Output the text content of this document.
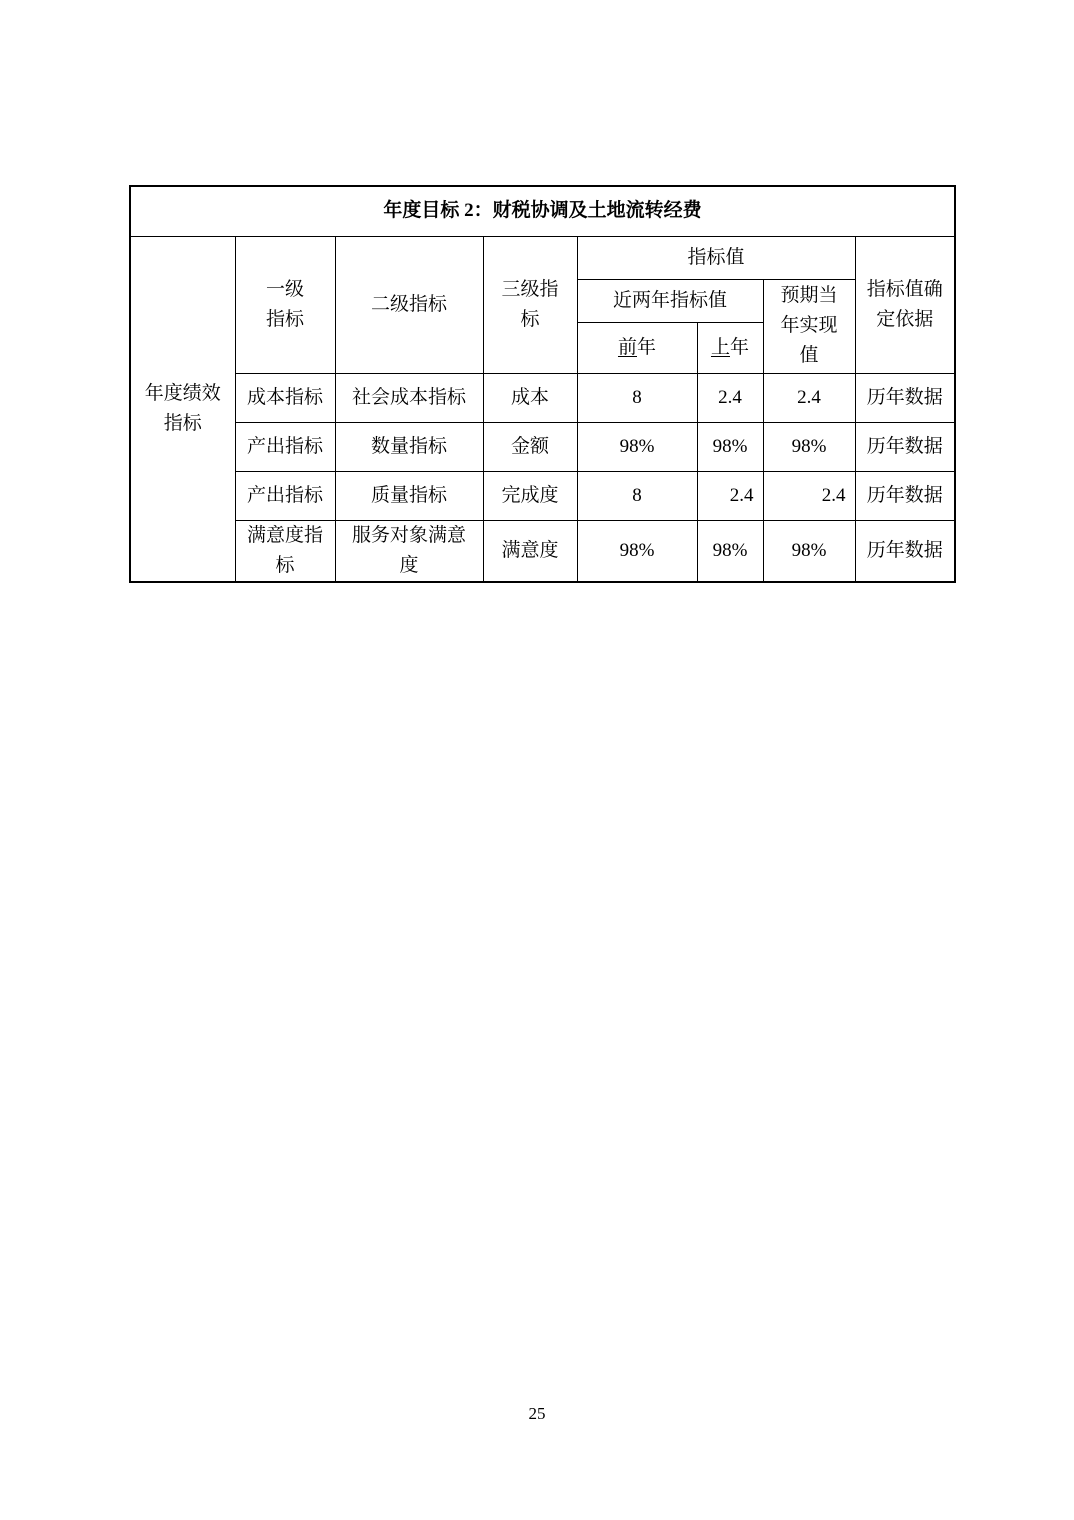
年度目标 2：财税协调及土地流转经费							

年度绩效指标	一级指标	二级指标	三级指标	指标值			指标值确定依据

				近两年指标值		预期当年实现值	

				前年	上年		
	成本指标	社会成本指标	成本	8	2.4	2.4	历年数据
	产出指标	数量指标	金额	98%	98%	98%	历年数据
	产出指标	质量指标	完成度	8	2.4	2.4	历年数据

	满意度指标	服务对象满意度	满意度	98%	98%	98%	历年数据
25
